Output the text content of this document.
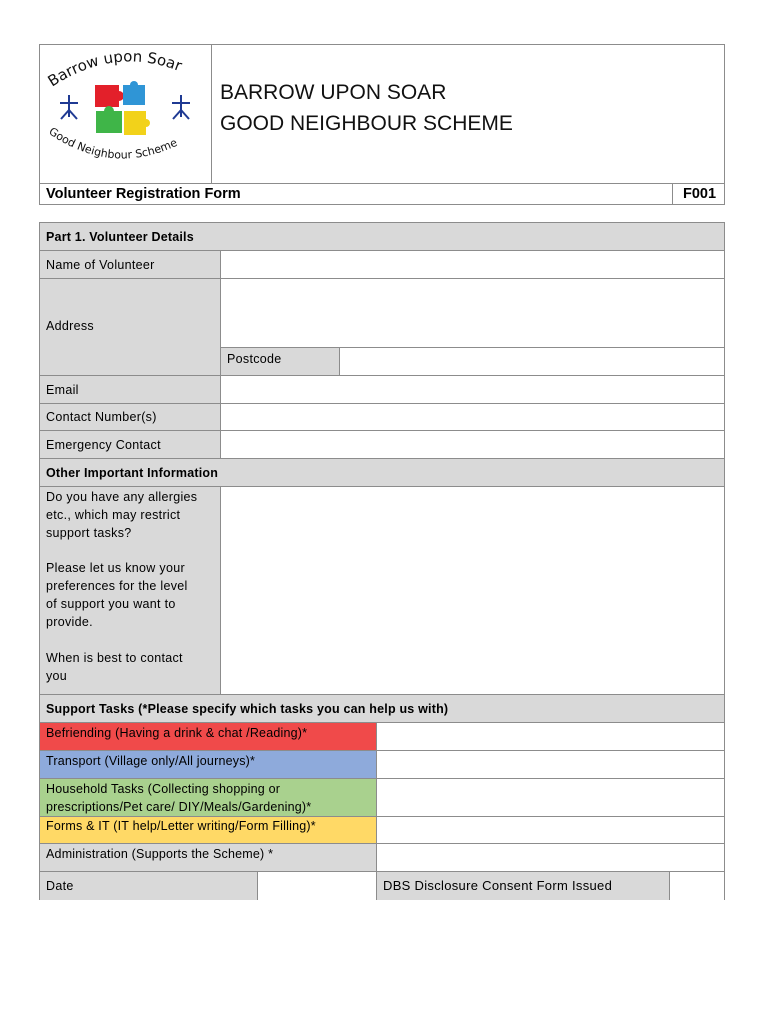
Barrow upon Soar
Good Neighbour Scheme
BARROW UPON SOAR
GOOD NEIGHBOUR SCHEME
Volunteer Registration Form	F001
Part 1. Volunteer Details
Name of Volunteer
Address
Postcode
Email
Contact Number(s)
Emergency Contact
Other Important Information
Do you have any allergies
etc., which may restrict
support tasks?
Please let us know your
preferences for the level
of support you want to
provide.
When is best to contact
you
Support Tasks (*Please specify which tasks you can help us with)
Befriending (Having a drink & chat /Reading)*
Transport (Village only/All journeys)*
Household Tasks (Collecting shopping or
prescriptions/Pet care/ DIY/Meals/Gardening)*
Forms & IT (IT help/Letter writing/Form Filling)*
Administration (Supports the Scheme) *
Date	DBS Disclosure Consent Form Issued
